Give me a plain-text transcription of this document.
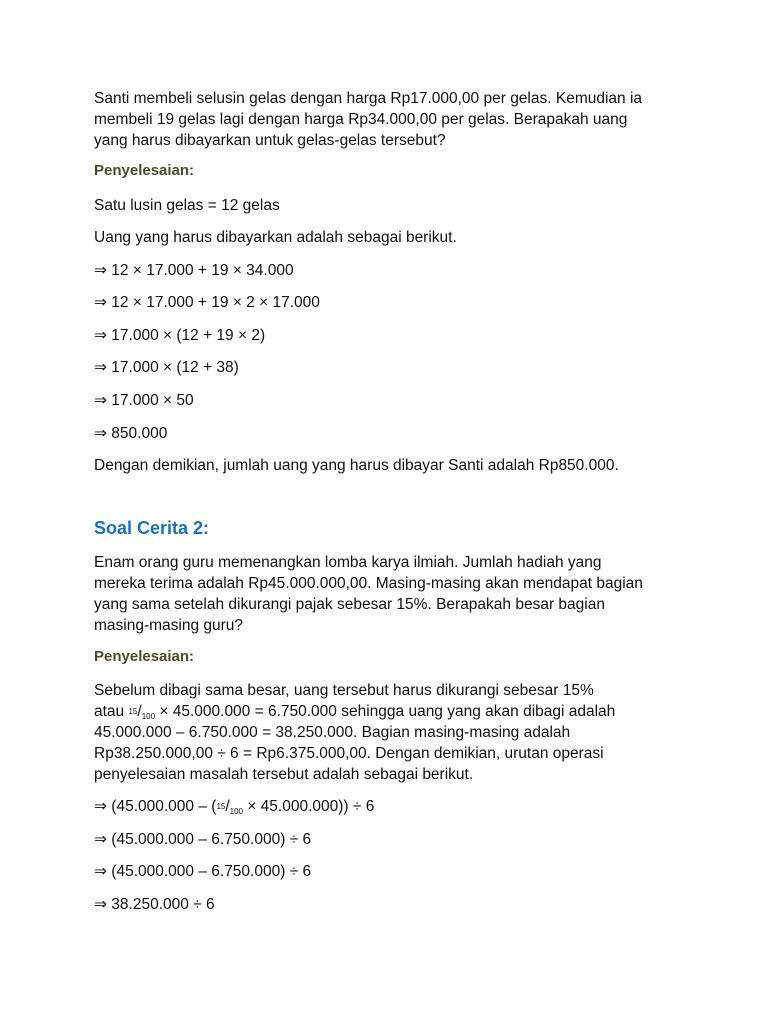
Santi membeli selusin gelas dengan harga Rp17.000,00 per gelas. Kemudian ia
membeli 19 gelas lagi dengan harga Rp34.000,00 per gelas. Berapakah uang
yang harus dibayarkan untuk gelas-gelas tersebut?
Penyelesaian:
Satu lusin gelas = 12 gelas
Uang yang harus dibayarkan adalah sebagai berikut.
⇒ 12 × 17.000 + 19 × 34.000
⇒ 12 × 17.000 + 19 × 2 × 17.000
⇒ 17.000 × (12 + 19 × 2)
⇒ 17.000 × (12 + 38)
⇒ 17.000 × 50
⇒ 850.000
Dengan demikian, jumlah uang yang harus dibayar Santi adalah Rp850.000.
Soal Cerita 2:
Enam orang guru memenangkan lomba karya ilmiah. Jumlah hadiah yang
mereka terima adalah Rp45.000.000,00. Masing-masing akan mendapat bagian
yang sama setelah dikurangi pajak sebesar 15%. Berapakah besar bagian
masing-masing guru?
Penyelesaian:
Sebelum dibagi sama besar, uang tersebut harus dikurangi sebesar 15%
atau 15/100 × 45.000.000 = 6.750.000 sehingga uang yang akan dibagi adalah
45.000.000 – 6.750.000 = 38.250.000. Bagian masing-masing adalah
Rp38.250.000,00 ÷ 6 = Rp6.375.000,00. Dengan demikian, urutan operasi
penyelesaian masalah tersebut adalah sebagai berikut.
⇒ (45.000.000 – (15/100 × 45.000.000)) ÷ 6
⇒ (45.000.000 – 6.750.000) ÷ 6
⇒ (45.000.000 – 6.750.000) ÷ 6
⇒ 38.250.000 ÷ 6
